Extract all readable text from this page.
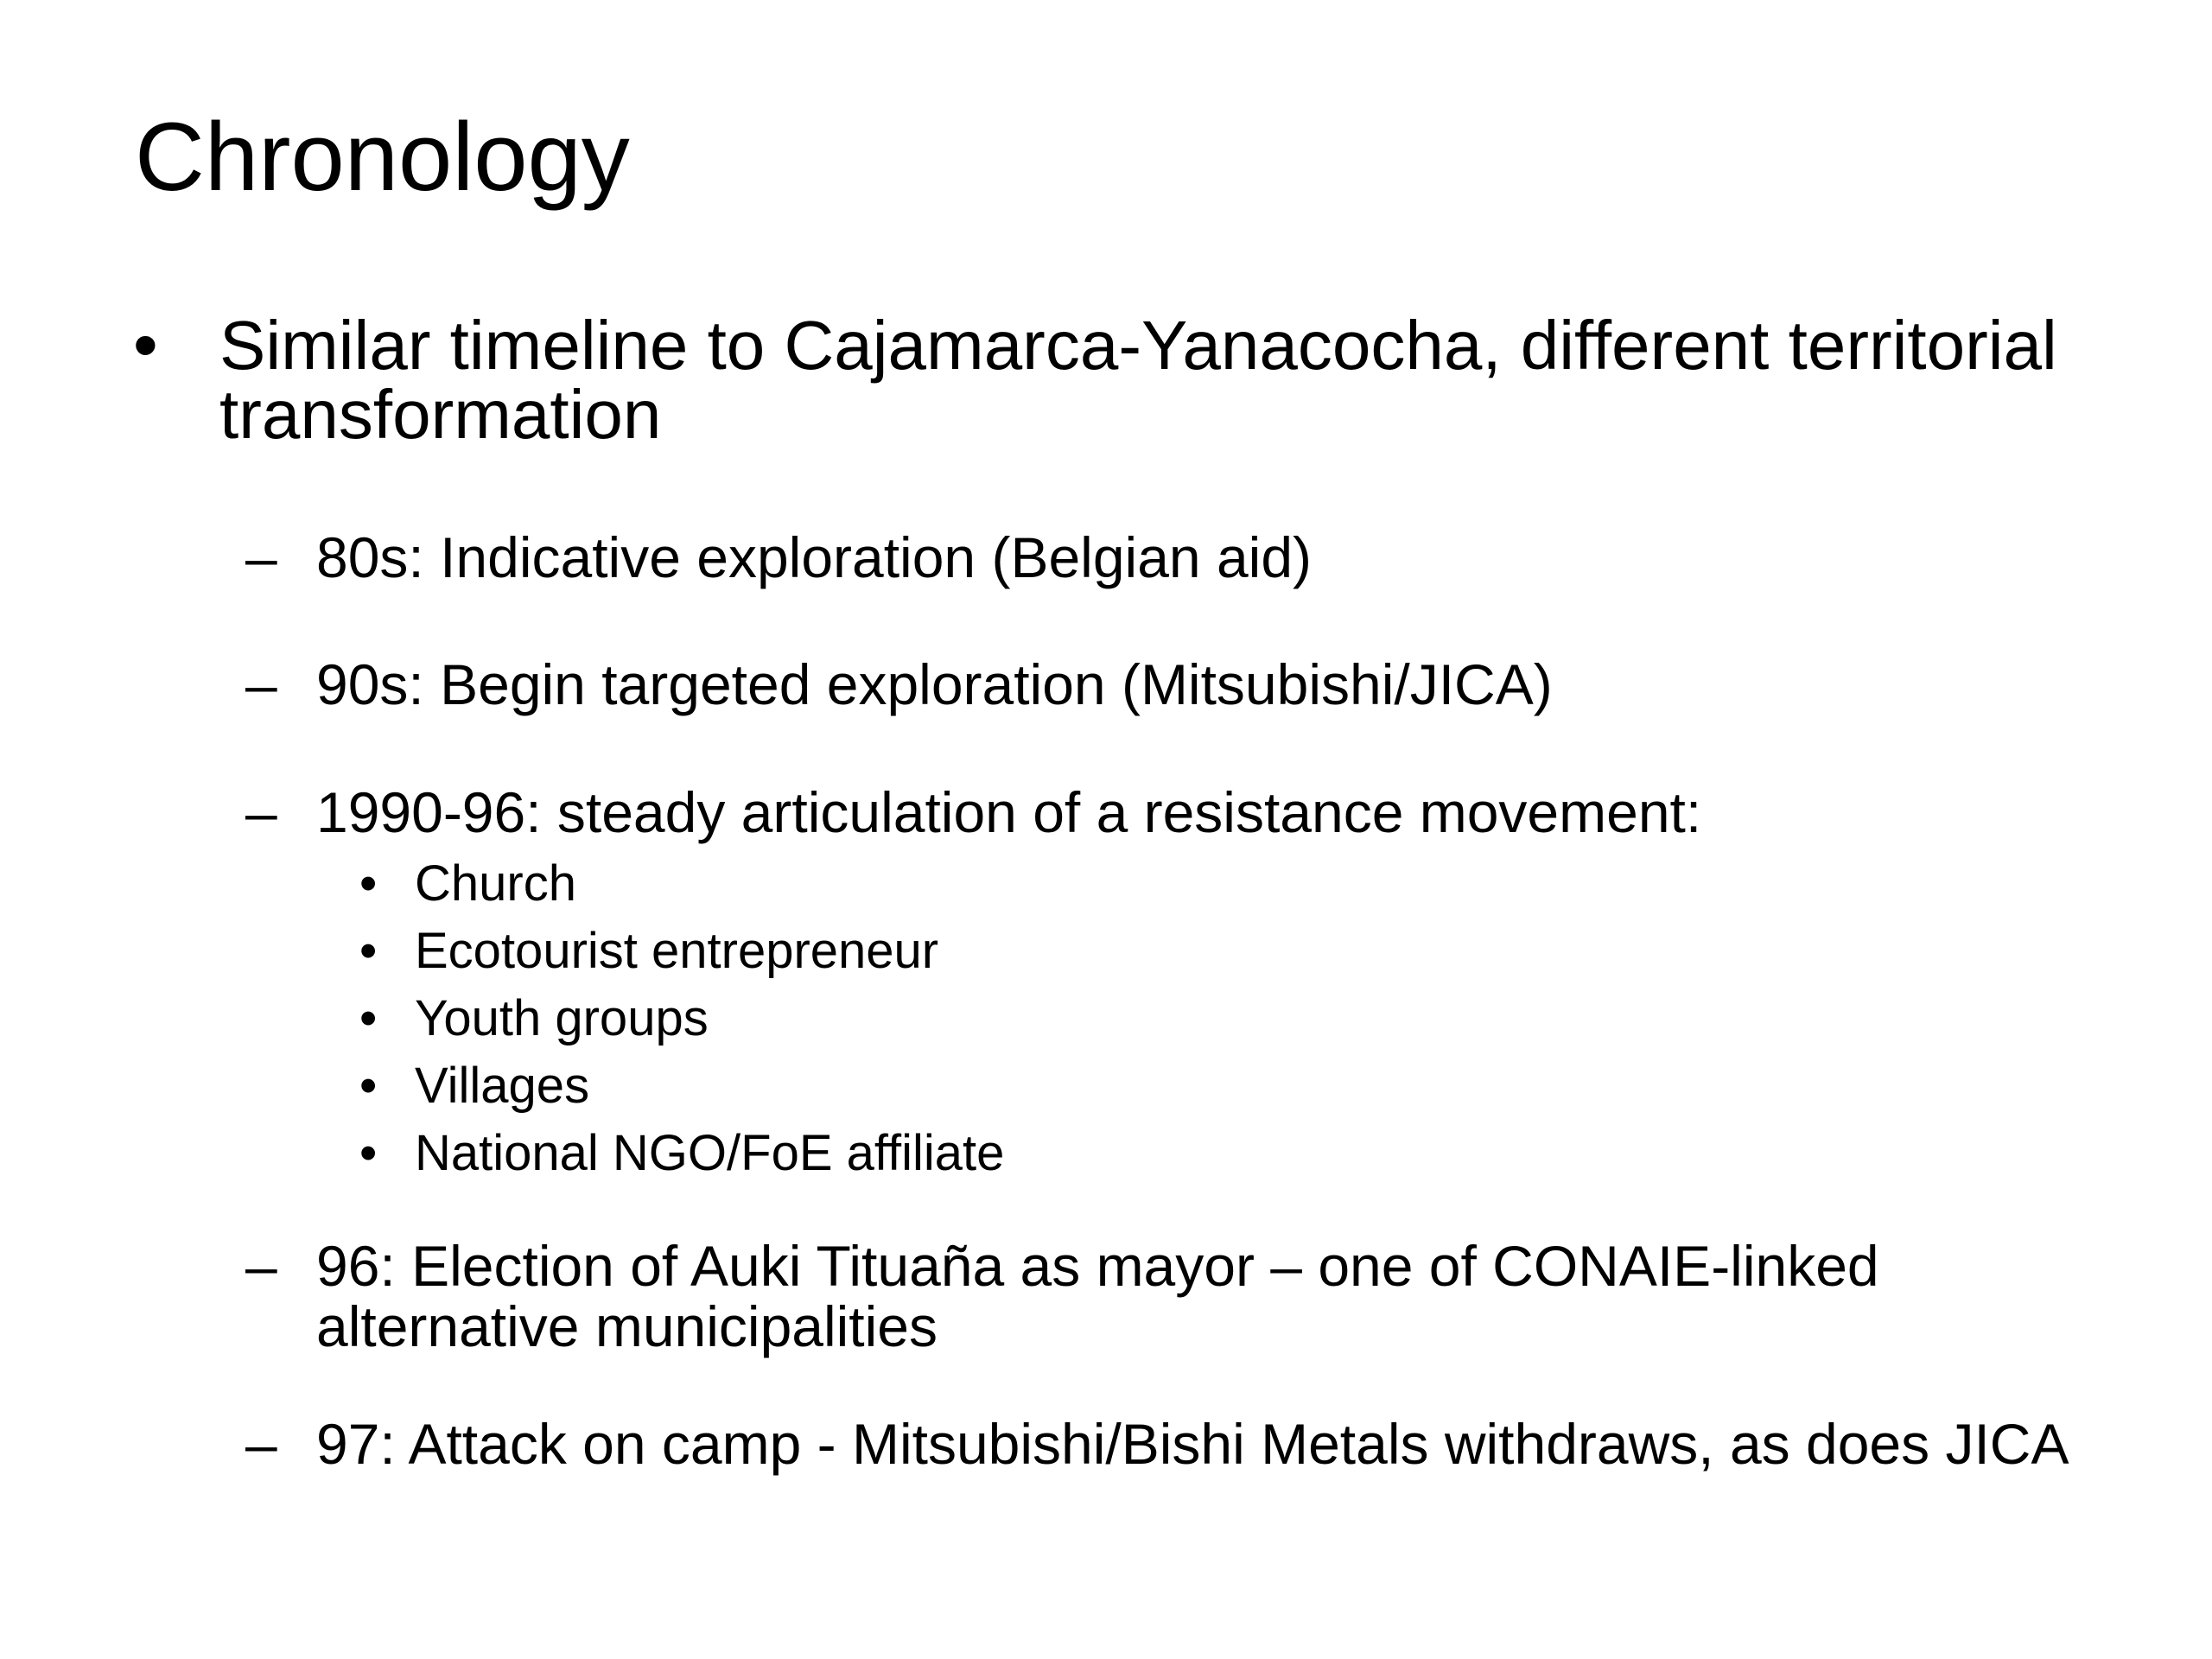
Chronology
• Similar timeline to Cajamarca-Yanacocha, different territorial transformation
– 80s: Indicative exploration (Belgian aid)
– 90s: Begin targeted exploration (Mitsubishi/JICA)
– 1990-96: steady articulation of a resistance movement:
• Church
• Ecotourist entrepreneur
• Youth groups
• Villages
• National NGO/FoE affiliate
– 96: Election of Auki Tituaña as mayor – one of CONAIE-linked alternative municipalities
– 97: Attack on camp - Mitsubishi/Bishi Metals withdraws, as does JICA
